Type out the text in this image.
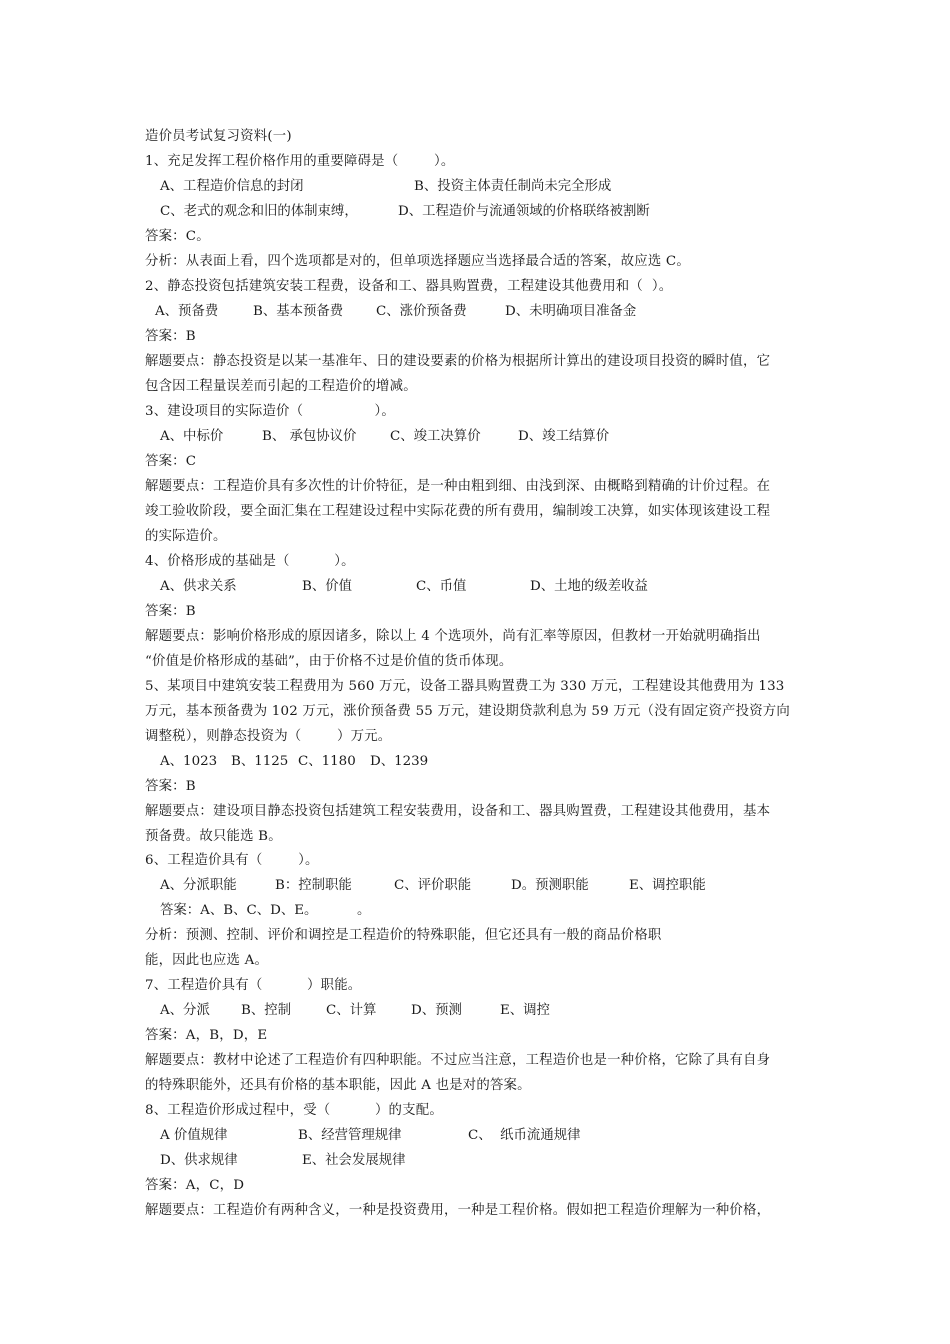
造价员考试复习资料(一)
1、充足发挥工程价格作用的重要障碍是（        ）。
A、工程造价信息的封闭	B、投资主体责任制尚未完全形成
C、老式的观念和旧的体制束缚，	D、工程造价与流通领域的价格联络被割断
答案：C。
分析：从表面上看，四个选项都是对的，但单项选择题应当选择最合适的答案，故应选 C。
2、静态投资包括建筑安装工程费，设备和工、器具购置费，工程建设其他费用和（  ）。
A、预备费	B、基本预备费 C、涨价预备费	D、未明确项目准备金
答案：B
解题要点：静态投资是以某一基准年、日的建设要素的价格为根据所计算出的建设项目投资的瞬时值，它
包含因工程量误差而引起的工程造价的增减。
3、建设项目的实际造价（                ）。
A、中标价	B、 承包协议价	C、竣工决算价	D、竣工结算价
答案：C
解题要点：工程造价具有多次性的计价特征，是一种由粗到细、由浅到深、由概略到精确的计价过程。在
竣工验收阶段，要全面汇集在工程建设过程中实际花费的所有费用，编制竣工决算，如实体现该建设工程
的实际造价。
4、价格形成的基础是（          ）。
A、供求关系	B、价值	C、币值	D、土地的级差收益
答案：B
解题要点：影响价格形成的原因诸多，除以上 4 个选项外，尚有汇率等原因，但教材一开始就明确指出
“价值是价格形成的基础”，由于价格不过是价值的货币体现。
5、某项目中建筑安装工程费用为 560 万元，设备工器具购置费工为 330 万元，工程建设其他费用为 133
万元，基本预备费为 102 万元，涨价预备费 55 万元，建设期贷款利息为 59 万元（没有固定资产投资方向
调整税），则静态投资为（        ）万元。
A、1023 B、1125 C、1180 D、1239
答案：B
解题要点：建设项目静态投资包括建筑工程安装费用，设备和工、器具购置费，工程建设其他费用，基本
预备费。故只能选 B。
6、工程造价具有（        ）。
A、分派职能	B：控制职能	C、评价职能	D。预测职能	E、调控职能
答案：A、B、C、D、E。	。
分析：预测、控制、评价和调控是工程造价的特殊职能，但它还具有一般的商品价格职
能，因此也应选 A。
7、工程造价具有（          ）职能。
A、分派 B、控制	C、计算	D、预测	E、调控
答案：A，B，D，E
解题要点：教材中论述了工程造价有四种职能。不过应当注意，工程造价也是一种价格，它除了具有自身
的特殊职能外，还具有价格的基本职能，因此 A 也是对的答案。
8、工程造价形成过程中，受（          ）的支配。
A 价值规律	B、经营管理规律	C、  纸币流通规律
D、供求规律	E、社会发展规律
答案：A，C，D
解题要点：工程造价有两种含义，一种是投资费用，一种是工程价格。假如把工程造价理解为一种价格，
